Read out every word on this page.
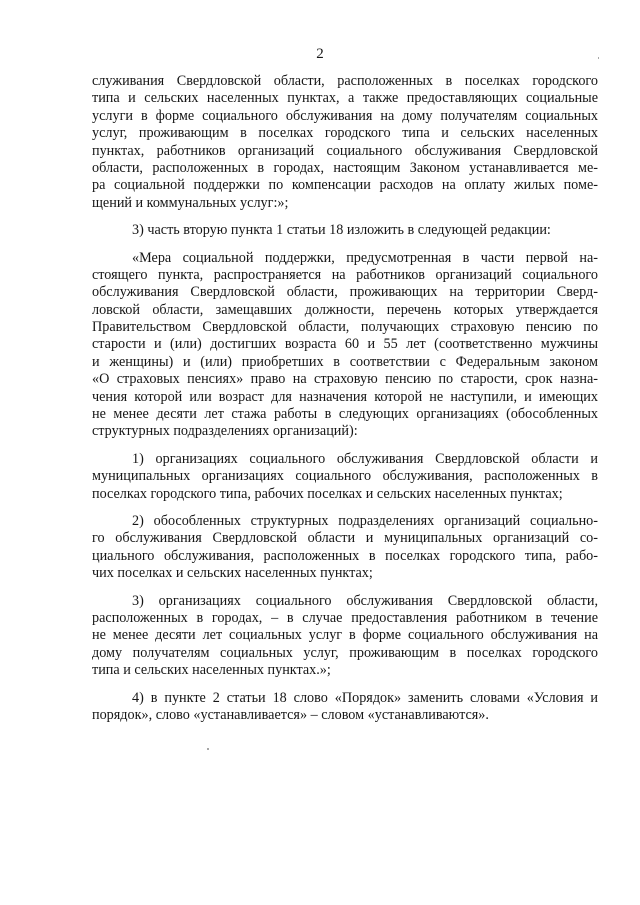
2
служивания Свердловской области, расположенных в поселках городского
типа и сельских населенных пунктах, а также предоставляющих социальные
услуги в форме социального обслуживания на дому получателям социальных
услуг, проживающим в поселках городского типа и сельских населенных
пунктах, работников организаций социального обслуживания Свердловской
области, расположенных в городах, настоящим Законом устанавливается ме-
ра социальной поддержки по компенсации расходов на оплату жилых поме-
щений и коммунальных услуг:»;
3) часть вторую пункта 1 статьи 18 изложить в следующей редакции:
«Мера социальной поддержки, предусмотренная в части первой на-
стоящего пункта, распространяется на работников организаций социального
обслуживания Свердловской области, проживающих на территории Сверд-
ловской области, замещавших должности, перечень которых утверждается
Правительством Свердловской области, получающих страховую пенсию по
старости и (или) достигших возраста 60 и 55 лет (соответственно мужчины
и женщины) и (или) приобретших в соответствии с Федеральным законом
«О страховых пенсиях» право на страховую пенсию по старости, срок назна-
чения которой или возраст для назначения которой не наступили, и имеющих
не менее десяти лет стажа работы в следующих организациях (обособленных
структурных подразделениях организаций):
1) организациях социального обслуживания Свердловской области и
муниципальных организациях социального обслуживания, расположенных в
поселках городского типа, рабочих поселках и сельских населенных пунктах;
2) обособленных структурных подразделениях организаций социально-
го обслуживания Свердловской области и муниципальных организаций со-
циального обслуживания, расположенных в поселках городского типа, рабо-
чих поселках и сельских населенных пунктах;
3) организациях социального обслуживания Свердловской области,
расположенных в городах, – в случае предоставления работником в течение
не менее десяти лет социальных услуг в форме социального обслуживания на
дому получателям социальных услуг, проживающим в поселках городского
типа и сельских населенных пунктах.»;
4) в пункте 2 статьи 18 слово «Порядок» заменить словами «Условия и
порядок», слово «устанавливается» – словом «устанавливаются».
